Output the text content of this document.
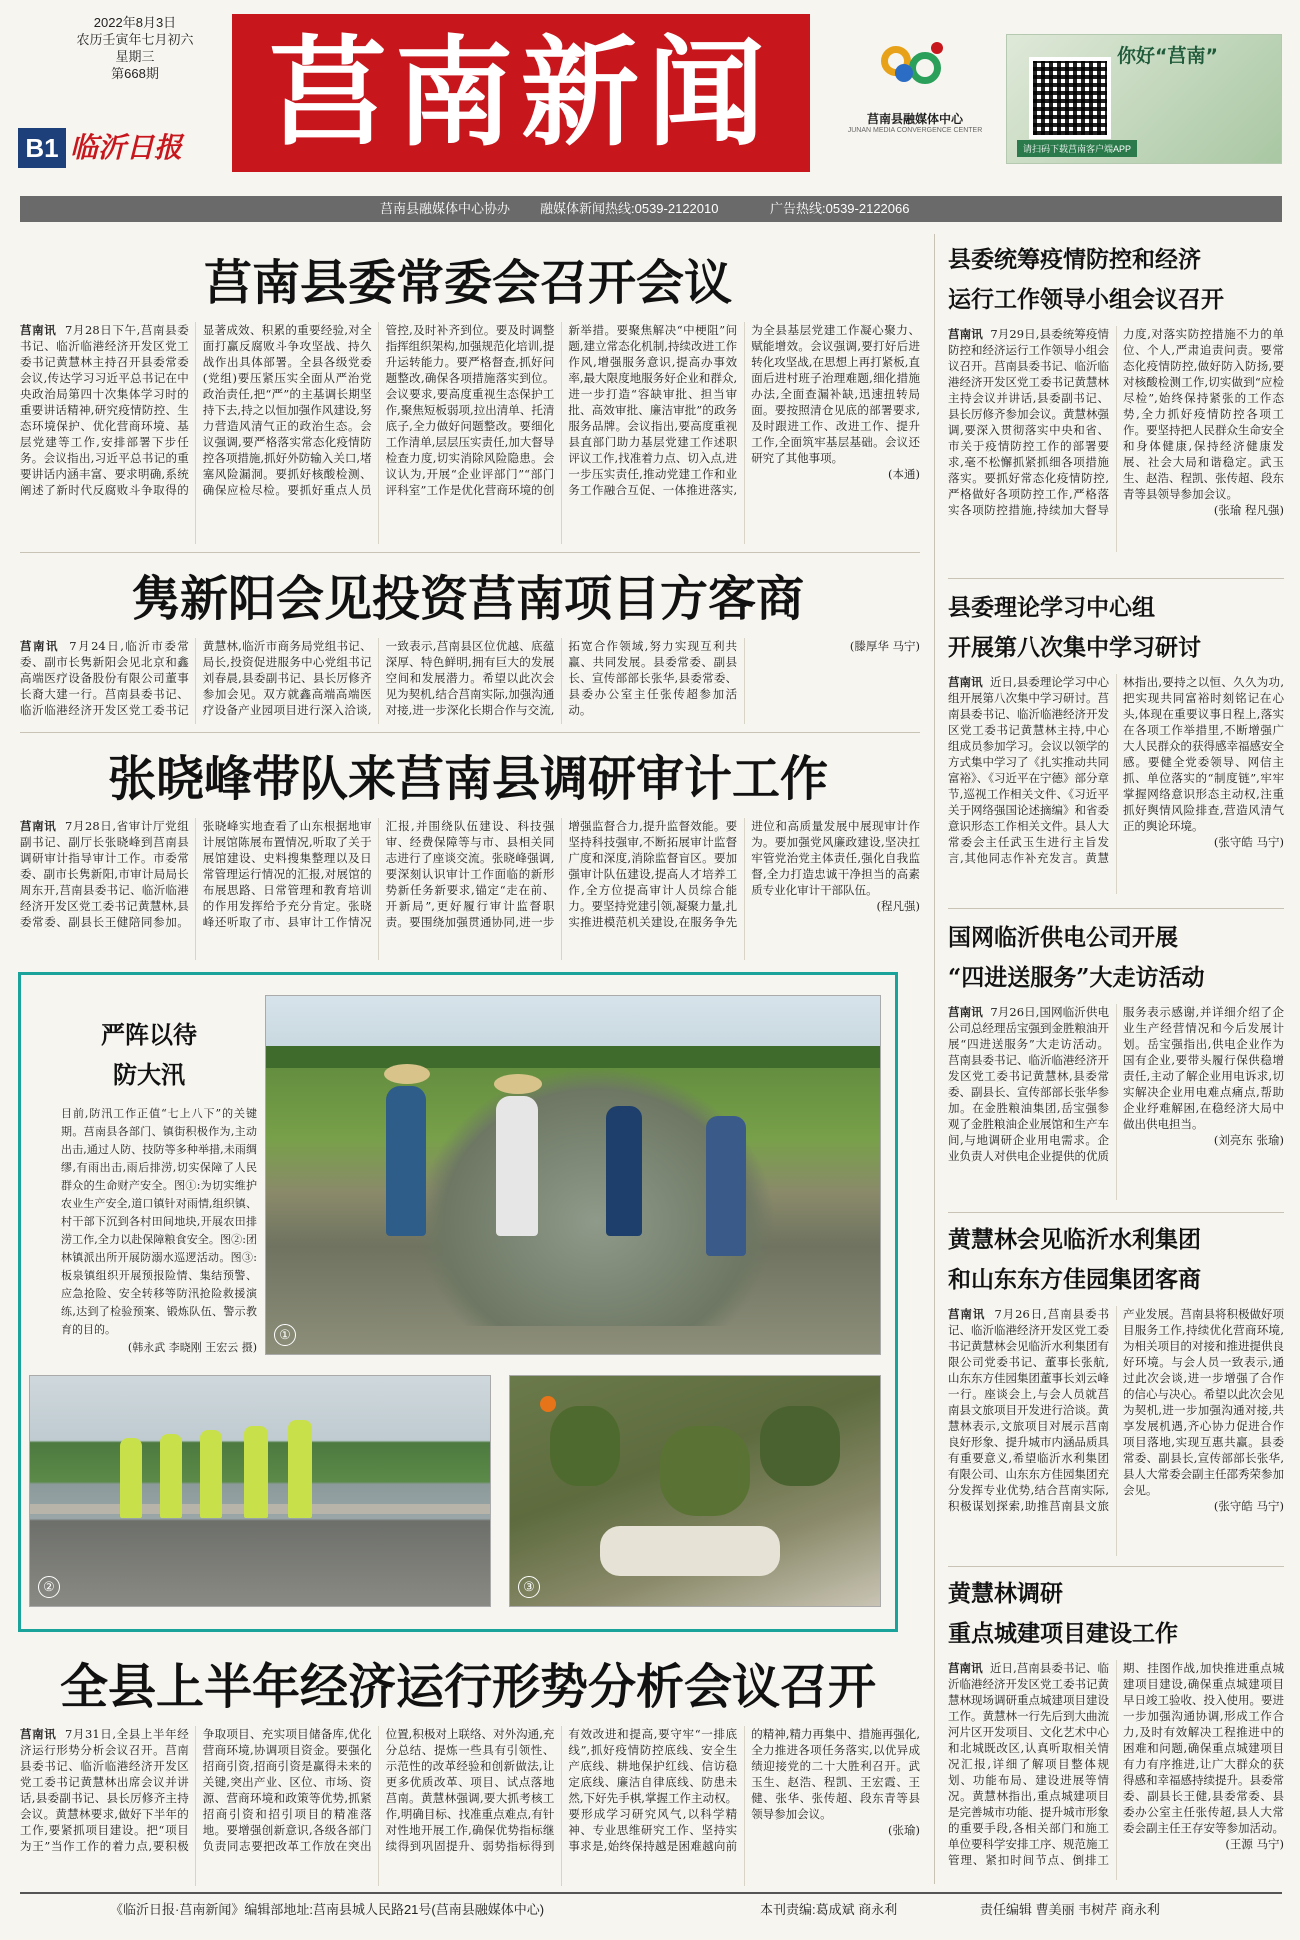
2022年8月3日
农历壬寅年七月初六
星期三
第668期
B1 临沂日报 莒南新闻	莒南县融媒体中心
JUNAN MEDIA CONVERGENCE CENTER
你好“莒南”
请扫码下载莒南客户端APP
莒南县融媒体中心协办 融媒体新闻热线:0539-2122010	广告热线:0539-2122066
莒南县委常委会召开会议
莒南讯 7月28日下午,莒南县委书记、临沂临港经济开发区党工委书记黄慧林主持召开县委常委会议,传达学习习近平总书记在中央政治局第四十次集体学习时的重要讲话精神,研究疫情防控、生态环境保护、优化营商环境、基层党建等工作,安排部署下步任务。会议指出,习近平总书记的重要讲话内涵丰富、要求明确,系统阐述了新时代反腐败斗争取得的显著成效、积累的重要经验,对全面打赢反腐败斗争攻坚战、持久战作出具体部署。全县各级党委(党组)要压紧压实全面从严治党政治责任,把“严”的主基调长期坚持下去,持之以恒加强作风建设,努力营造风清气正的政治生态。会议强调,要严格落实常态化疫情防控各项措施,抓好外防输入关口,堵塞风险漏洞。要抓好核酸检测、确保应检尽检。要抓好重点人员管控,及时补齐到位。要及时调整指挥组织架构,加强规范化培训,提升运转能力。要严格督查,抓好问题整改,确保各项措施落实到位。会议要求,要高度重视生态保护工作,聚焦短板弱项,拉出清单、托清底子,全力做好问题整改。要细化工作清单,层层压实责任,加大督导检查力度,切实消除风险隐患。会议认为,开展“企业评部门”“部门评科室”工作是优化营商环境的创新举措。要聚焦解决“中梗阻”问题,建立常态化机制,持续改进工作作风,增强服务意识,提高办事效率,最大限度地服务好企业和群众,进一步打造“容缺审批、担当审批、高效审批、廉洁审批”的政务服务品牌。会议指出,要高度重视县直部门助力基层党建工作述职评议工作,找准着力点、切入点,进一步压实责任,推动党建工作和业务工作融合互促、一体推进落实,为全县基层党建工作凝心聚力、赋能增效。会议强调,要打好后进转化攻坚战,在思想上再打紧板,直面后进村班子治理难题,细化措施办法,全面查漏补缺,迅速扭转局面。要按照清仓见底的部署要求,及时跟进工作、改进工作、提升工作,全面筑牢基层基础。会议还研究了其他事项。
(本通)
隽新阳会见投资莒南项目方客商
莒南讯 7月24日,临沂市委常委、副市长隽新阳会见北京和鑫高端医疗设备股份有限公司董事长裔大建一行。莒南县委书记、临沂临港经济开发区党工委书记黄慧林,临沂市商务局党组书记、局长,投资促进服务中心党组书记刘春晨,县委副书记、县长厉修齐参加会见。双方就鑫高端高端医疗设备产业园项目进行深入洽谈,一致表示,莒南县区位优越、底蕴深厚、特色鲜明,拥有巨大的发展空间和发展潜力。希望以此次会见为契机,结合莒南实际,加强沟通对接,进一步深化长期合作与交流,拓宽合作领域,努力实现互利共赢、共同发展。县委常委、副县长、宣传部部长张华,县委常委、县委办公室主任张传超参加活动。
(滕厚华 马宁)
张晓峰带队来莒南县调研审计工作
莒南讯 7月28日,省审计厅党组副书记、副厅长张晓峰到莒南县调研审计指导审计工作。市委常委、副市长隽新阳,市审计局局长周东开,莒南县委书记、临沂临港经济开发区党工委书记黄慧林,县委常委、副县长王健陪同参加。张晓峰实地查看了山东根据地审计展馆陈展布置情况,听取了关于展馆建设、史料搜集整理以及日常管理运行情况的汇报,对展馆的布展思路、日常管理和教育培训的作用发挥给予充分肯定。张晓峰还听取了市、县审计工作情况汇报,并围绕队伍建设、科技强审、经费保障等与市、县相关同志进行了座谈交流。张晓峰强调,要深刻认识审计工作面临的新形势新任务新要求,锚定“走在前、开新局”,更好履行审计监督职责。要围绕加强贯通协同,进一步增强监督合力,提升监督效能。要坚持科技强审,不断拓展审计监督广度和深度,消除监督盲区。要加强审计队伍建设,提高人才培养工作,全方位提高审计人员综合能力。要坚持党建引领,凝聚力量,扎实推进模范机关建设,在服务争先进位和高质量发展中展现审计作为。要加强党风廉政建设,坚决扛牢管党治党主体责任,强化自我监督,全力打造忠诚干净担当的高素质专业化审计干部队伍。
(程凡强)
严阵以待
防大汛
目前,防汛工作正值“七上八下”的关键期。莒南县各部门、镇街积极作为,主动出击,通过人防、技防等多种举措,未雨绸缪,有雨出击,雨后排涝,切实保障了人民群众的生命财产安全。图①:为切实维护农业生产安全,道口镇针对雨情,组织镇、村干部下沉到各村田间地块,开展农田排涝工作,全力以赴保障粮食安全。图②:团林镇派出所开展防溺水巡逻活动。图③:板泉镇组织开展预报险情、集结预警、应急抢险、安全转移等防汛抢险救援演练,达到了检验预案、锻炼队伍、警示教育的目的。
(韩永武 李晓刚 王宏云 摄)
①
②	③
全县上半年经济运行形势分析会议召开
莒南讯 7月31日,全县上半年经济运行形势分析会议召开。莒南县委书记、临沂临港经济开发区党工委书记黄慧林出席会议并讲话,县委副书记、县长厉修齐主持会议。黄慧林要求,做好下半年的工作,要紧抓项目建设。把“项目为王”当作工作的着力点,要积极争取项目、充实项目储备库,优化营商环境,协调项目资金。要强化招商引资,招商引资是赢得未来的关键,突出产业、区位、市场、资源、营商环境和政策等优势,抓紧招商引资和招引项目的精准落地。要增强创新意识,各级各部门负责同志要把改革工作放在突出位置,积极对上联络、对外沟通,充分总结、提炼一些具有引领性、示范性的改革经验和创新做法,让更多优质改革、项目、试点落地莒南。黄慧林强调,要大抓考核工作,明确目标、找准重点难点,有针对性地开展工作,确保优势指标继续得到巩固提升、弱势指标得到有效改进和提高,要守牢“一排底线”,抓好疫情防控底线、安全生产底线、耕地保护红线、信访稳定底线、廉洁自律底线、防患未然,下好先手棋,掌握工作主动权。要形成学习研究风气,以科学精神、专业思维研究工作、坚持实事求是,始终保持越是困难越向前的精神,精力再集中、措施再强化,全力推进各项任务落实,以优异成绩迎接党的二十大胜利召开。武玉生、赵浩、程凯、王宏霞、王健、张华、张传超、段东青等县领导参加会议。
(张瑜)
县委统筹疫情防控和经济
运行工作领导小组会议召开
莒南讯 7月29日,县委统筹疫情防控和经济运行工作领导小组会议召开。莒南县委书记、临沂临港经济开发区党工委书记黄慧林主持会议并讲话,县委副书记、县长厉修齐参加会议。黄慧林强调,要深入贯彻落实中央和省、市关于疫情防控工作的部署要求,毫不松懈抓紧抓细各项措施落实。要抓好常态化疫情防控,严格做好各项防控工作,严格落实各项防控措施,持续加大督导力度,对落实防控措施不力的单位、个人,严肃追责问责。要常态化疫情防控,做好防入防扬,要对核酸检测工作,切实做到“应检尽检”,始终保持紧张的工作态势,全力抓好疫情防控各项工作。要坚持把人民群众生命安全和身体健康,保持经济健康发展、社会大局和谐稳定。武玉生、赵浩、程凯、张传超、段东青等县领导参加会议。
(张瑜 程凡强)
县委理论学习中心组
开展第八次集中学习研讨
莒南讯 近日,县委理论学习中心组开展第八次集中学习研讨。莒南县委书记、临沂临港经济开发区党工委书记黄慧林主持,中心组成员参加学习。会议以领学的方式集中学习了《扎实推动共同富裕》、《习近平在宁德》部分章节,巡视工作相关文件、《习近平关于网络强国论述摘编》和省委意识形态工作相关文件。县人大常委会主任武玉生进行主旨发言,其他同志作补充发言。黄慧林指出,要持之以恒、久久为功,把实现共同富裕时刻铭记在心头,体现在重要议事日程上,落实在各项工作举措里,不断增强广大人民群众的获得感幸福感安全感。要健全党委领导、网信主抓、单位落实的“制度链”,牢牢掌握网络意识形态主动权,注重抓好舆情风险排查,营造风清气正的舆论环境。
(张守皓 马宁)
国网临沂供电公司开展
“四进送服务”大走访活动
莒南讯 7月26日,国网临沂供电公司总经理岳宝强到金胜粮油开展“四进送服务”大走访活动。莒南县委书记、临沂临港经济开发区党工委书记黄慧林,县委常委、副县长、宣传部部长张华参加。在金胜粮油集团,岳宝强参观了金胜粮油企业展馆和生产车间,与地调研企业用电需求。企业负责人对供电企业提供的优质服务表示感谢,并详细介绍了企业生产经营情况和今后发展计划。岳宝强指出,供电企业作为国有企业,要带头履行保供稳增责任,主动了解企业用电诉求,切实解决企业用电难点痛点,帮助企业纾难解困,在稳经济大局中做出供电担当。
(刘亮东 张瑜)
黄慧林会见临沂水利集团
和山东东方佳园集团客商
莒南讯 7月26日,莒南县委书记、临沂临港经济开发区党工委书记黄慧林会见临沂水利集团有限公司党委书记、董事长张航,山东东方佳园集团董事长刘云峰一行。座谈会上,与会人员就莒南县文旅项目开发进行洽谈。黄慧林表示,文旅项目对展示莒南良好形象、提升城市内涵品质具有重要意义,希望临沂水利集团有限公司、山东东方佳园集团充分发挥专业优势,结合莒南实际,积极谋划探索,助推莒南县文旅产业发展。莒南县将积极做好项目服务工作,持续优化营商环境,为相关项目的对接和推进提供良好环境。与会人员一致表示,通过此次会谈,进一步增强了合作的信心与决心。希望以此次会见为契机,进一步加强沟通对接,共享发展机遇,齐心协力促进合作项目落地,实现互惠共赢。县委常委、副县长,宣传部部长张华,县人大常委会副主任邵秀荣参加会见。
(张守皓 马宁)
黄慧林调研
重点城建项目建设工作
莒南讯 近日,莒南县委书记、临沂临港经济开发区党工委书记黄慧林现场调研重点城建项目建设工作。黄慧林一行先后到大曲流河片区开发项目、文化艺术中心和北城既改区,认真听取相关情况汇报,详细了解项目整体规划、功能布局、建设进展等情况。黄慧林指出,重点城建项目是完善城市功能、提升城市形象的重要手段,各相关部门和施工单位要科学安排工序、规范施工管理、紧扣时间节点、倒排工期、挂图作战,加快推进重点城建项目建设,确保重点城建项目早日竣工验收、投入使用。要进一步加强沟通协调,形成工作合力,及时有效解决工程推进中的困难和问题,确保重点城建项目有力有序推进,让广大群众的获得感和幸福感持续提升。县委常委、副县长王健,县委常委、县委办公室主任张传超,县人大常委会副主任王存安等参加活动。
(王源 马宁)
《临沂日报·莒南新闻》编辑部地址:莒南县城人民路21号(莒南县融媒体中心)	本刊责编:葛成斌 商永利	责任编辑 曹美丽 韦树芹 商永利
